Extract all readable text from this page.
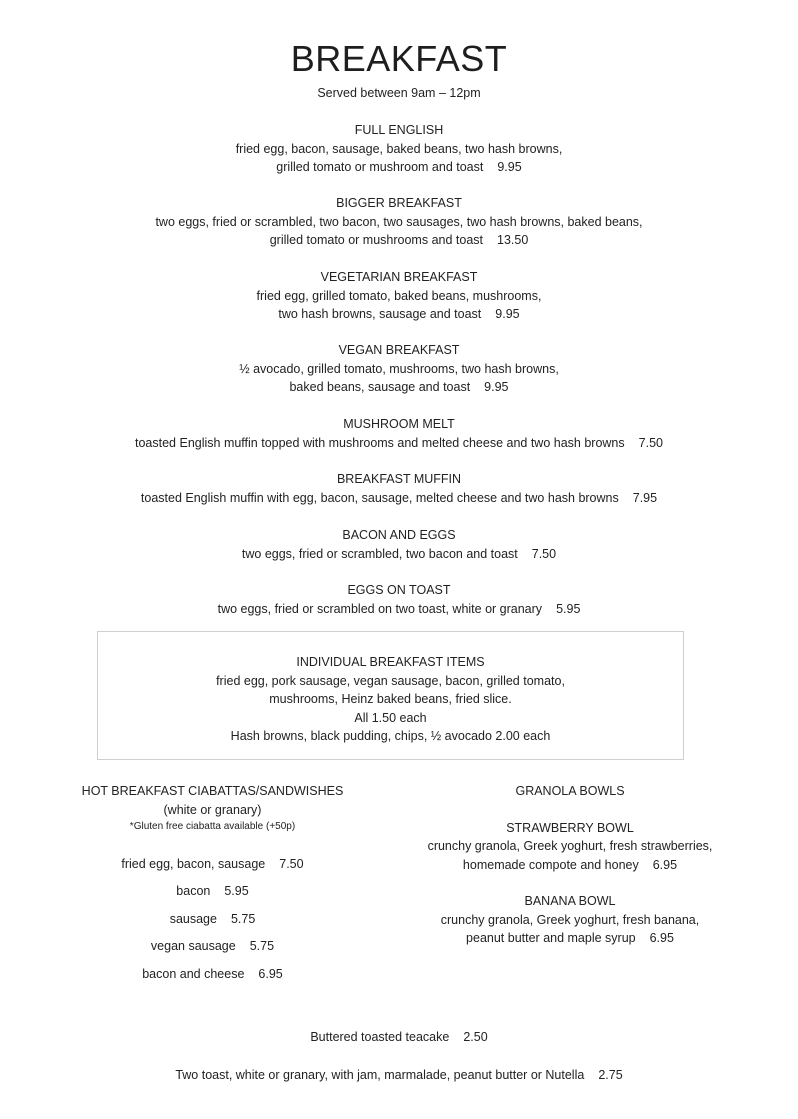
BREAKFAST
Served between 9am – 12pm
FULL ENGLISH
fried egg, bacon, sausage, baked beans, two hash browns,
grilled tomato or mushroom and toast 9.95
BIGGER BREAKFAST
two eggs, fried or scrambled, two bacon, two sausages, two hash browns, baked beans,
grilled tomato or mushrooms and toast 13.50
VEGETARIAN BREAKFAST
fried egg, grilled tomato, baked beans, mushrooms,
two hash browns, sausage and toast 9.95
VEGAN BREAKFAST
½ avocado, grilled tomato, mushrooms, two hash browns,
baked beans, sausage and toast 9.95
MUSHROOM MELT
toasted English muffin topped with mushrooms and melted cheese and two hash browns 7.50
BREAKFAST MUFFIN
toasted English muffin with egg, bacon, sausage, melted cheese and two hash browns 7.95
BACON AND EGGS
two eggs, fried or scrambled, two bacon and toast 7.50
EGGS ON TOAST
two eggs, fried or scrambled on two toast, white or granary 5.95
INDIVIDUAL BREAKFAST ITEMS
fried egg, pork sausage, vegan sausage, bacon, grilled tomato,
mushrooms, Heinz baked beans, fried slice.
All 1.50 each
Hash browns, black pudding, chips, ½ avocado 2.00 each
HOT BREAKFAST CIABATTAS/SANDWISHES
(white or granary)
*Gluten free ciabatta available (+50p)
fried egg, bacon, sausage 7.50
bacon 5.95
sausage 5.75
vegan sausage 5.75
bacon and cheese 6.95
GRANOLA BOWLS
STRAWBERRY BOWL
crunchy granola, Greek yoghurt, fresh strawberries,
homemade compote and honey 6.95
BANANA BOWL
crunchy granola, Greek yoghurt, fresh banana,
peanut butter and maple syrup 6.95
Buttered toasted teacake 2.50
Two toast, white or granary, with jam, marmalade, peanut butter or Nutella 2.75
